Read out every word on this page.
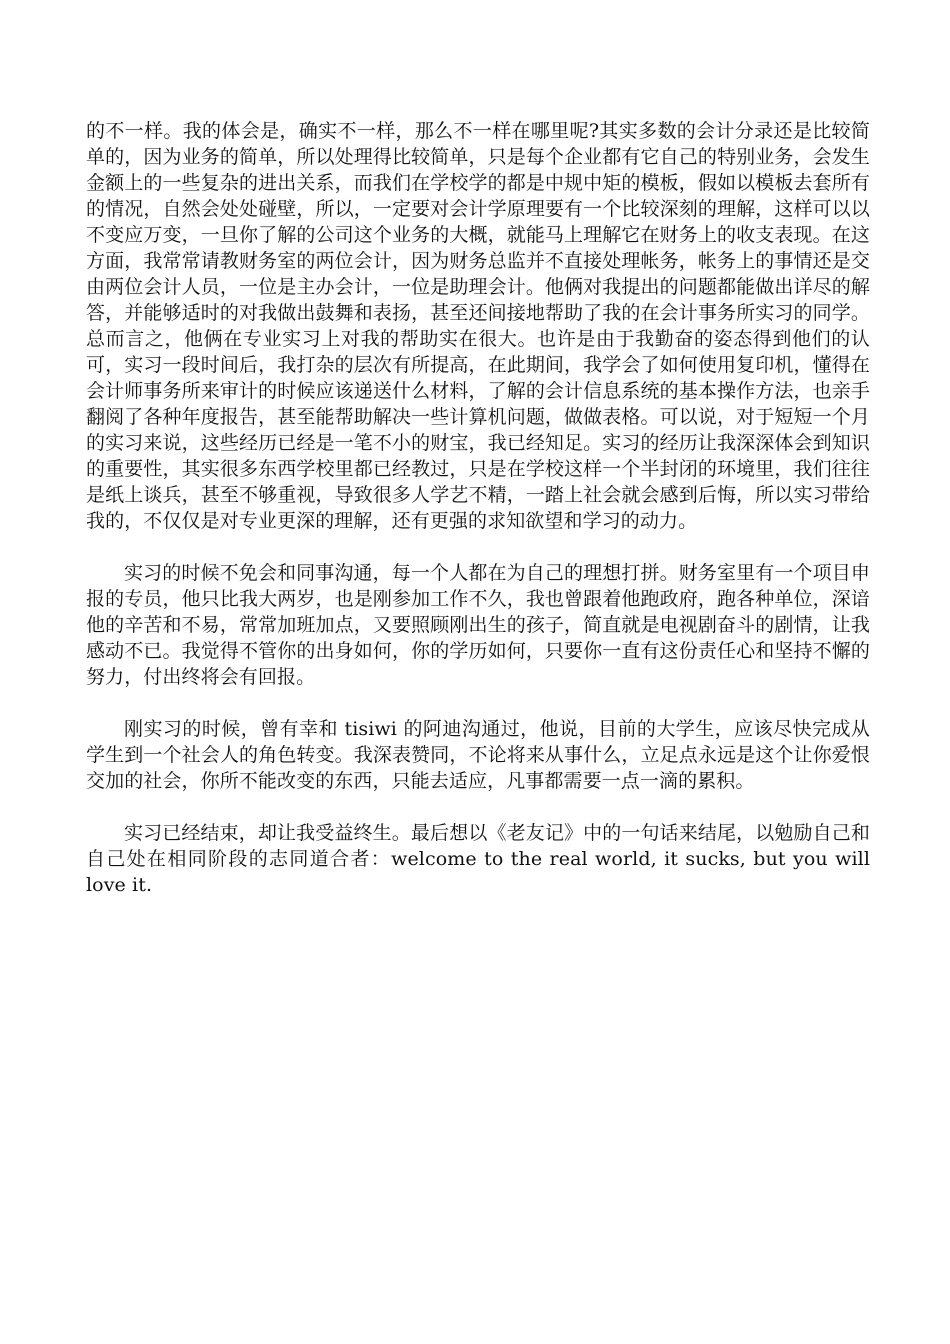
的不一样。我的体会是，确实不一样，那么不一样在哪里呢?其实多数的会计分录还是比较简单的，因为业务的简单，所以处理得比较简单，只是每个企业都有它自己的特别业务，会发生金额上的一些复杂的进出关系，而我们在学校学的都是中规中矩的模板，假如以模板去套所有的情况，自然会处处碰壁，所以，一定要对会计学原理要有一个比较深刻的理解，这样可以以不变应万变，一旦你了解的公司这个业务的大概，就能马上理解它在财务上的收支表现。在这方面，我常常请教财务室的两位会计，因为财务总监并不直接处理帐务，帐务上的事情还是交由两位会计人员，一位是主办会计，一位是助理会计。他俩对我提出的问题都能做出详尽的解答，并能够适时的对我做出鼓舞和表扬，甚至还间接地帮助了我的在会计事务所实习的同学。总而言之，他俩在专业实习上对我的帮助实在很大。也许是由于我勤奋的姿态得到他们的认可，实习一段时间后，我打杂的层次有所提高，在此期间，我学会了如何使用复印机，懂得在会计师事务所来审计的时候应该递送什么材料，了解的会计信息系统的基本操作方法，也亲手翻阅了各种年度报告，甚至能帮助解决一些计算机问题，做做表格。可以说，对于短短一个月的实习来说，这些经历已经是一笔不小的财宝，我已经知足。实习的经历让我深深体会到知识的重要性，其实很多东西学校里都已经教过，只是在学校这样一个半封闭的环境里，我们往往是纸上谈兵，甚至不够重视，导致很多人学艺不精，一踏上社会就会感到后悔，所以实习带给我的，不仅仅是对专业更深的理解，还有更强的求知欲望和学习的动力。

实习的时候不免会和同事沟通，每一个人都在为自己的理想打拼。财务室里有一个项目申报的专员，他只比我大两岁，也是刚参加工作不久，我也曾跟着他跑政府，跑各种单位，深谙他的辛苦和不易，常常加班加点，又要照顾刚出生的孩子，简直就是电视剧奋斗的剧情，让我感动不已。我觉得不管你的出身如何，你的学历如何，只要你一直有这份责任心和坚持不懈的努力，付出终将会有回报。

刚实习的时候，曾有幸和 tisiwi 的阿迪沟通过，他说，目前的大学生，应该尽快完成从学生到一个社会人的角色转变。我深表赞同，不论将来从事什么，立足点永远是这个让你爱恨交加的社会，你所不能改变的东西，只能去适应，凡事都需要一点一滴的累积。

实习已经结束，却让我受益终生。最后想以《老友记》中的一句话来结尾，以勉励自己和自己处在相同阶段的志同道合者：welcome to the real world, it sucks, but you will love it.
